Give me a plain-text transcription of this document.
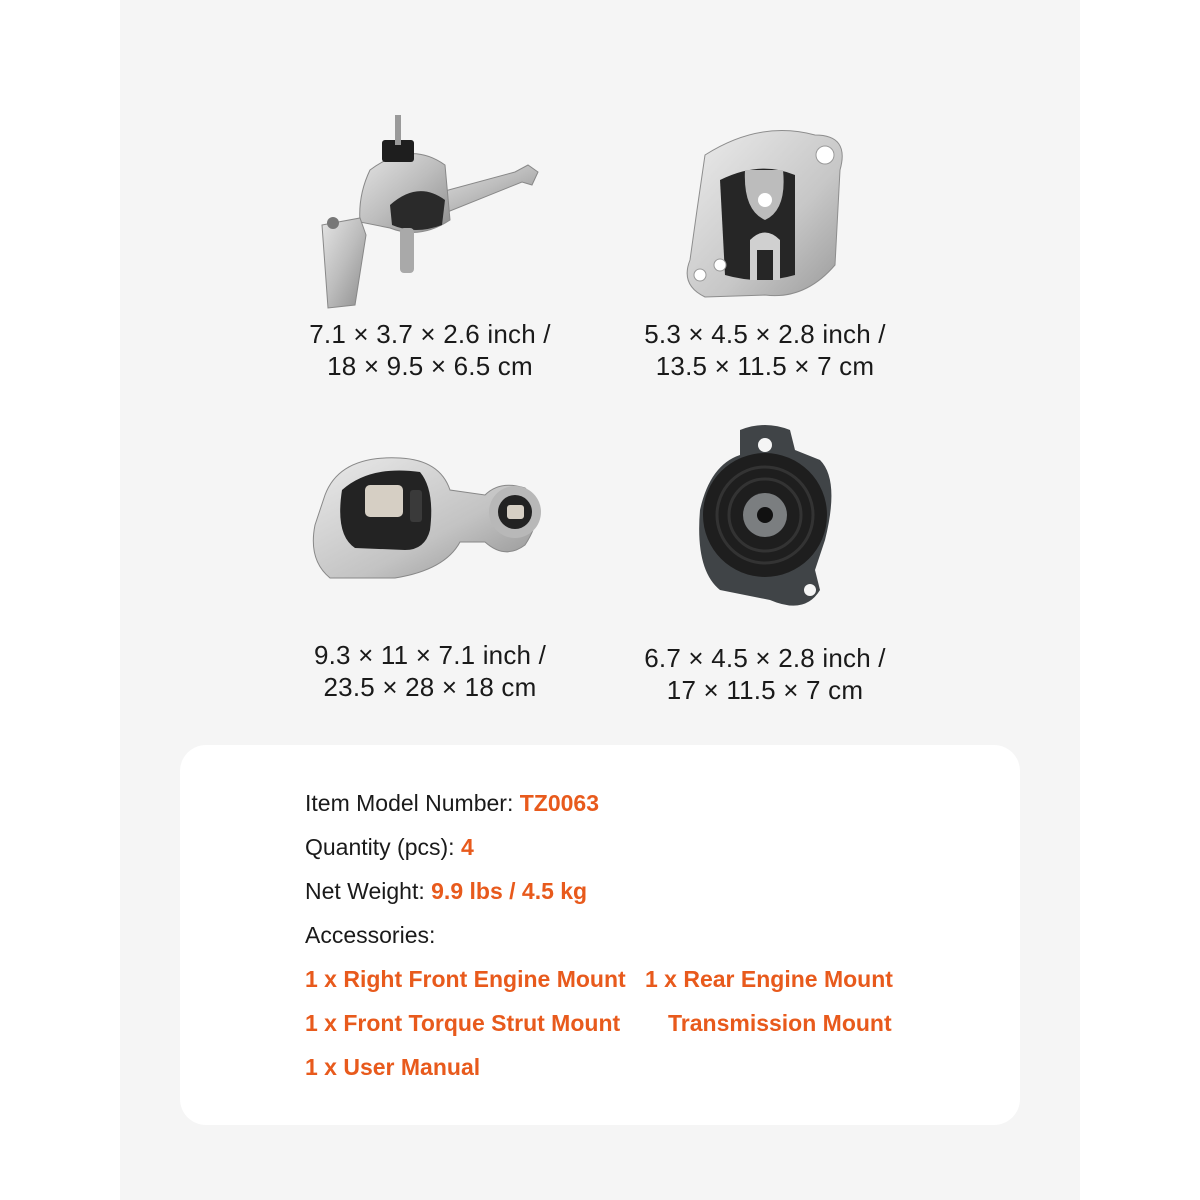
7.1 × 3.7 × 2.6 inch /
18 × 9.5 × 6.5 cm
5.3 × 4.5 × 2.8 inch /
13.5 × 11.5 × 7 cm
9.3 × 11 × 7.1 inch /
23.5 × 28 × 18 cm
6.7 × 4.5 × 2.8 inch /
17 × 11.5 × 7 cm
Item Model Number: TZ0063
Quantity (pcs): 4
Net Weight: 9.9 lbs / 4.5 kg
Accessories:
1 x Right Front Engine Mount 1 x Rear Engine Mount
1 x Front Torque Strut Mount Transmission Mount
1 x User Manual
